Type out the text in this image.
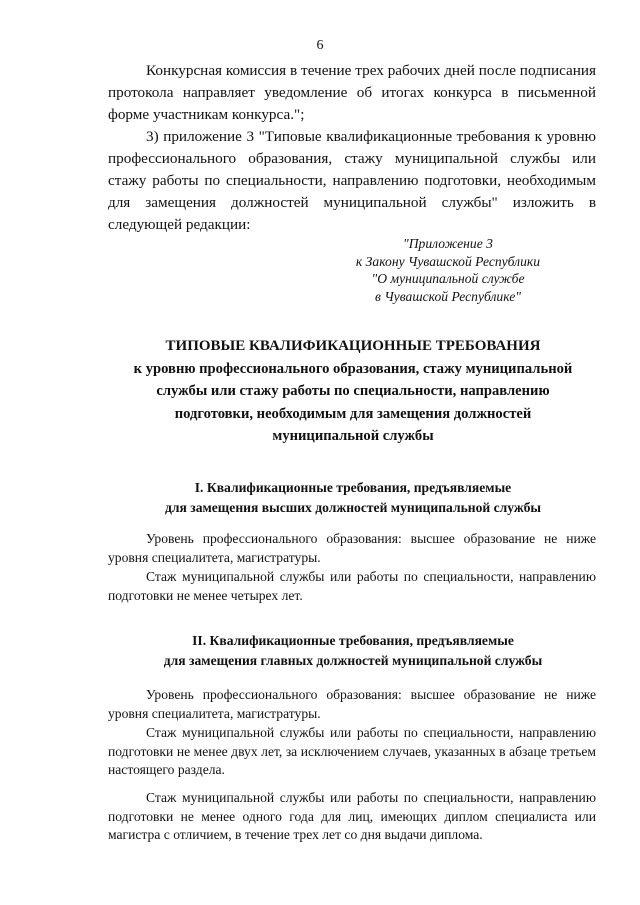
6
Конкурсная комиссия в течение трех рабочих дней после подписания протокола направляет уведомление об итогах конкурса в письменной форме участникам конкурса.";
3) приложение 3 "Типовые квалификационные требования к уровню профессионального образования, стажу муниципальной службы или стажу работы по специальности, направлению подготовки, необходимым для замещения должностей муниципальной службы" изложить в следующей редакции:
"Приложение 3
к Закону Чувашской Республики
"О муниципальной службе
в Чувашской Республике"
ТИПОВЫЕ КВАЛИФИКАЦИОННЫЕ ТРЕБОВАНИЯ
к уровню профессионального образования, стажу муниципальной
службы или стажу работы по специальности, направлению
подготовки, необходимым для замещения должностей
муниципальной службы
I. Квалификационные требования, предъявляемые
для замещения высших должностей муниципальной службы
Уровень профессионального образования: высшее образование не ниже уровня специалитета, магистратуры.
Стаж муниципальной службы или работы по специальности, направлению подготовки не менее четырех лет.
II. Квалификационные требования, предъявляемые
для замещения главных должностей муниципальной службы
Уровень профессионального образования: высшее образование не ниже уровня специалитета, магистратуры.
Стаж муниципальной службы или работы по специальности, направлению подготовки не менее двух лет, за исключением случаев, указанных в абзаце третьем настоящего раздела.
Стаж муниципальной службы или работы по специальности, направлению подготовки не менее одного года для лиц, имеющих диплом специалиста или магистра с отличием, в течение трех лет со дня выдачи диплома.
